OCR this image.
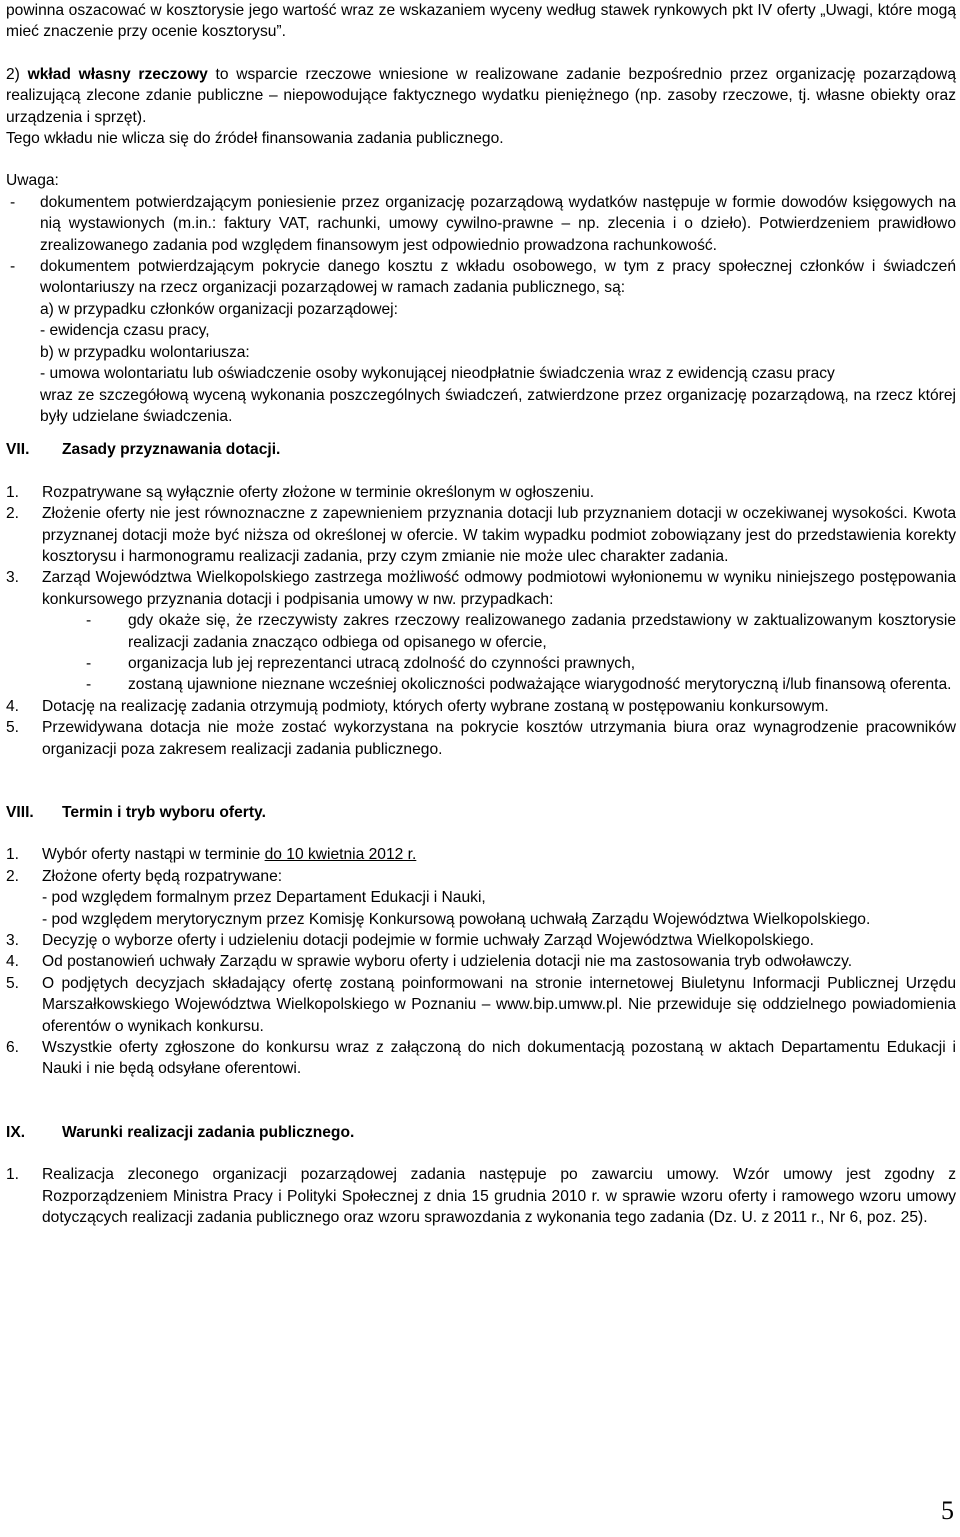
powinna oszacować w kosztorysie jego wartość wraz ze wskazaniem wyceny według stawek rynkowych pkt IV oferty „Uwagi, które mogą mieć znaczenie przy ocenie kosztorysu”.

2) wkład własny rzeczowy to wsparcie rzeczowe wniesione w realizowane zadanie bezpośrednio przez organizację pozarządową realizującą zlecone zdanie publiczne – niepowodujące faktycznego wydatku pieniężnego (np. zasoby rzeczowe, tj. własne obiekty oraz urządzenia i sprzęt).

Tego wkładu nie wlicza się do źródeł finansowania zadania publicznego.

Uwaga:

-	dokumentem potwierdzającym poniesienie przez organizację pozarządową wydatków następuje w formie dowodów księgowych na nią wystawionych (m.in.: faktury VAT, rachunki, umowy cywilno-prawne – np. zlecenia i o dzieło). Potwierdzeniem prawidłowo zrealizowanego zadania pod względem finansowym jest odpowiednio prowadzona rachunkowość.
-	dokumentem potwierdzającym pokrycie danego kosztu z wkładu osobowego, w tym z pracy społecznej członków i świadczeń wolontariuszy na rzecz organizacji pozarządowej w ramach zadania publicznego, są:

a) w przypadku członków organizacji pozarządowej:

- ewidencja czasu pracy,

b) w przypadku wolontariusza:

- umowa wolontariatu lub oświadczenie osoby wykonującej nieodpłatnie świadczenia wraz z ewidencją czasu pracy

wraz ze szczegółową wyceną wykonania poszczególnych świadczeń, zatwierdzone przez organizację pozarządową, na rzecz której były udzielane świadczenia.

VII.	Zasady przyznawania dotacji.
1.	Rozpatrywane są wyłącznie oferty złożone w terminie określonym w ogłoszeniu.
2.	Złożenie oferty nie jest równoznaczne z zapewnieniem przyznania dotacji lub przyznaniem dotacji w oczekiwanej wysokości. Kwota przyznanej dotacji może być niższa od określonej w ofercie. W takim wypadku podmiot zobowiązany jest do przedstawienia korekty kosztorysu i harmonogramu realizacji zadania, przy czym zmianie nie może ulec charakter zadania.
3.	Zarząd Województwa Wielkopolskiego zastrzega możliwość odmowy podmiotowi wyłonionemu w wyniku niniejszego postępowania konkursowego przyznania dotacji i podpisania umowy w nw. przypadkach:
-	gdy okaże się, że rzeczywisty zakres rzeczowy realizowanego zadania przedstawiony w zaktualizowanym kosztorysie realizacji zadania znacząco odbiega od opisanego w ofercie,
-	organizacja lub jej reprezentanci utracą zdolność do czynności prawnych,
-	zostaną ujawnione nieznane wcześniej okoliczności podważające wiarygodność merytoryczną i/lub finansową oferenta.
4.	Dotację na realizację zadania otrzymują podmioty, których oferty wybrane zostaną w postępowaniu konkursowym.
5.	Przewidywana dotacja nie może zostać wykorzystana na pokrycie kosztów utrzymania biura oraz wynagrodzenie pracowników organizacji poza zakresem realizacji zadania publicznego.
VIII.	Termin i tryb wyboru oferty.
1.	Wybór oferty nastąpi w terminie do 10 kwietnia 2012 r.
2.	Złożone oferty będą rozpatrywane:

- pod względem formalnym przez Departament Edukacji i Nauki,

- pod względem merytorycznym przez Komisję Konkursową powołaną uchwałą Zarządu Województwa Wielkopolskiego.
3.	Decyzję o wyborze oferty i udzieleniu dotacji podejmie w formie uchwały Zarząd Województwa Wielkopolskiego.
4.	Od postanowień uchwały Zarządu w sprawie wyboru oferty i udzielenia dotacji nie ma zastosowania tryb odwoławczy.
5.	O podjętych decyzjach składający ofertę zostaną poinformowani na stronie internetowej Biuletynu Informacji Publicznej Urzędu Marszałkowskiego Województwa Wielkopolskiego w Poznaniu – www.bip.umww.pl. Nie przewiduje się oddzielnego powiadomienia oferentów o wynikach konkursu.
6.	Wszystkie oferty zgłoszone do konkursu wraz z załączoną do nich dokumentacją pozostaną w aktach Departamentu Edukacji i Nauki i nie będą odsyłane oferentowi.
IX.	Warunki realizacji zadania publicznego.
1.	Realizacja zleconego organizacji pozarządowej zadania następuje po zawarciu umowy. Wzór umowy jest zgodny z Rozporządzeniem Ministra Pracy i Polityki Społecznej z dnia 15 grudnia 2010 r. w sprawie wzoru oferty i ramowego wzoru umowy dotyczących realizacji zadania publicznego oraz wzoru sprawozdania z wykonania tego zadania (Dz. U. z 2011 r., Nr 6, poz. 25).
5
